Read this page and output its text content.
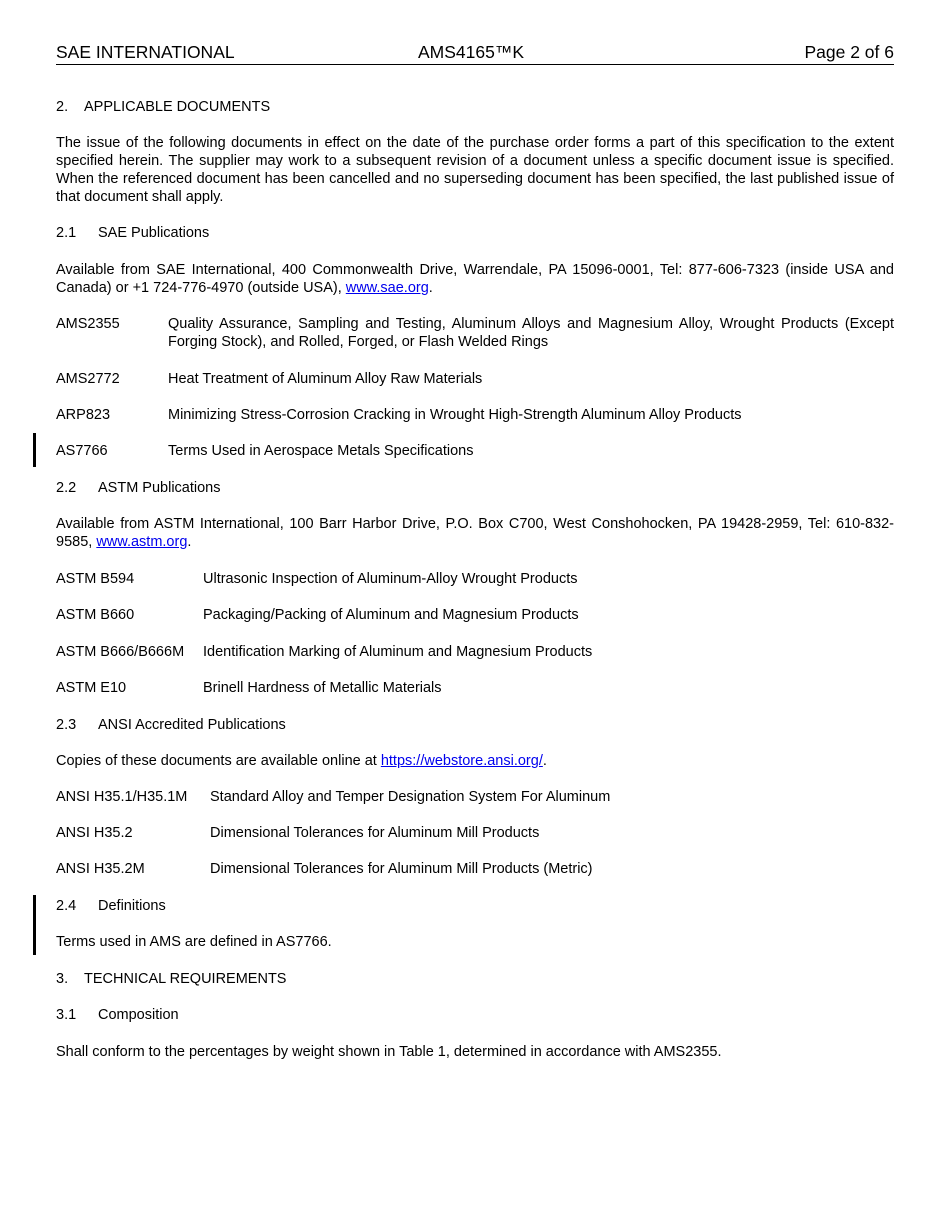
SAE INTERNATIONAL	AMS4165™K	Page 2 of 6
2. APPLICABLE DOCUMENTS

The issue of the following documents in effect on the date of the purchase order forms a part of this specification to the extent specified herein. The supplier may work to a subsequent revision of a document unless a specific document issue is specified. When the referenced document has been cancelled and no superseding document has been specified, the last published issue of that document shall apply.

2.1 SAE Publications

Available from SAE International, 400 Commonwealth Drive, Warrendale, PA 15096-0001, Tel: 877-606-7323 (inside USA and Canada) or +1 724-776-4970 (outside USA), www.sae.org.

AMS2355	Quality Assurance, Sampling and Testing, Aluminum Alloys and Magnesium Alloy, Wrought Products (Except Forging Stock), and Rolled, Forged, or Flash Welded Rings
AMS2772	Heat Treatment of Aluminum Alloy Raw Materials
ARP823	Minimizing Stress-Corrosion Cracking in Wrought High-Strength Aluminum Alloy Products
AS7766	Terms Used in Aerospace Metals Specifications
2.2 ASTM Publications

Available from ASTM International, 100 Barr Harbor Drive, P.O. Box C700, West Conshohocken, PA 19428-2959, Tel: 610-832-9585, www.astm.org.

ASTM B594	Ultrasonic Inspection of Aluminum-Alloy Wrought Products
ASTM B660	Packaging/Packing of Aluminum and Magnesium Products
ASTM B666/B666M	Identification Marking of Aluminum and Magnesium Products
ASTM E10	Brinell Hardness of Metallic Materials
2.3 ANSI Accredited Publications

Copies of these documents are available online at https://webstore.ansi.org/.

ANSI H35.1/H35.1M	Standard Alloy and Temper Designation System For Aluminum
ANSI H35.2	Dimensional Tolerances for Aluminum Mill Products
ANSI H35.2M	Dimensional Tolerances for Aluminum Mill Products (Metric)
2.4 Definitions

Terms used in AMS are defined in AS7766.

3. TECHNICAL REQUIREMENTS
3.1 Composition

Shall conform to the percentages by weight shown in Table 1, determined in accordance with AMS2355.
